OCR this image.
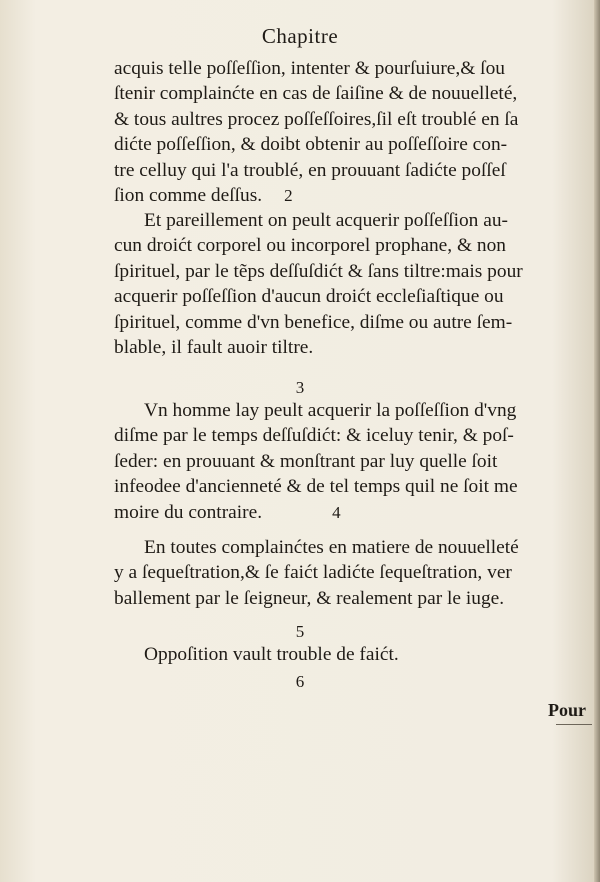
Chapitre
acquis telle poſſeſſion, intenter & pourſuiure,& ſou
ſtenir complainćte en cas de ſaiſine & de nouuelleté,
& tous aultres procez poſſeſſoires,ſil eſt troublé en ſa
dićte poſſeſſion, & doibt obtenir au poſſeſſoire con-
tre celluy qui l'a troublé, en prouuant ſadićte poſſeſ
ſion comme deſſus. 2
Et pareillement on peult acquerir poſſeſſion au-
cun droićt corporel ou incorporel prophane, & non
ſpirituel, par le tẽps deſſuſdićt & ſans tiltre:mais pour
acquerir poſſeſſion d'aucun droićt eccleſiaſtique ou
ſpirituel, comme d'vn benefice, diſme ou autre ſem-
blable, il fault auoir tiltre.
3
Vn homme lay peult acquerir la poſſeſſion d'vng
diſme par le temps deſſuſdićt: & iceluy tenir, & poſ-
ſeder: en prouuant & monſtrant par luy quelle ſoit
infeodee d'ancienneté & de tel temps quil ne ſoit me
moire du contraire.	4
En toutes complainćtes en matiere de nouuelleté
y a ſequeſtration,& ſe faićt ladićte ſequeſtration, ver
ballement par le ſeigneur, & realement par le iuge.
5
Oppoſition vault trouble de faićt.
6
Pour
